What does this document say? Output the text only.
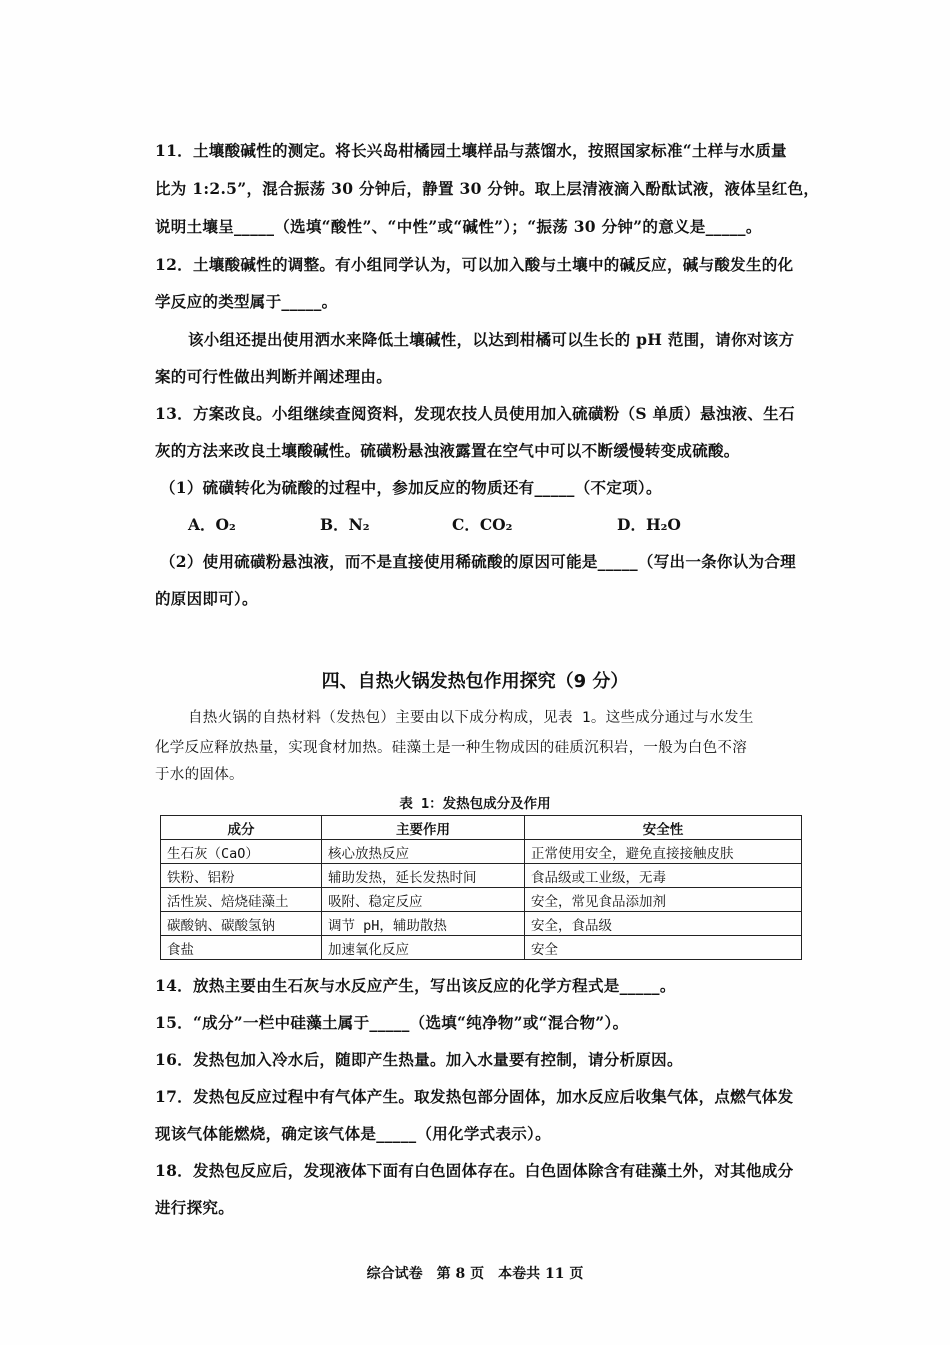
11．土壤酸碱性的测定。将长兴岛柑橘园土壤样品与蒸馏水，按照国家标准“土样与水质量
比为 1:2.5”，混合振荡 30 分钟后，静置 30 分钟。取上层清液滴入酚酞试液，液体呈红色，
说明土壤呈_____（选填“酸性”、“中性”或“碱性”）；“振荡 30 分钟”的意义是_____。
12．土壤酸碱性的调整。有小组同学认为，可以加入酸与土壤中的碱反应，碱与酸发生的化
学反应的类型属于_____。
该小组还提出使用洒水来降低土壤碱性，以达到柑橘可以生长的 pH 范围，请你对该方
案的可行性做出判断并阐述理由。
13．方案改良。小组继续查阅资料，发现农技人员使用加入硫磺粉（S 单质）悬浊液、生石
灰的方法来改良土壤酸碱性。硫磺粉悬浊液露置在空气中可以不断缓慢转变成硫酸。
（1）硫磺转化为硫酸的过程中，参加反应的物质还有_____（不定项）。
A．O₂	B．N₂	C．CO₂	D．H₂O
（2）使用硫磺粉悬浊液，而不是直接使用稀硫酸的原因可能是_____（写出一条你认为合理
的原因即可）。
四、自热火锅发热包作用探究（9 分）
自热火锅的自热材料（发热包）主要由以下成分构成，见表 1。这些成分通过与水发生
化学反应释放热量，实现食材加热。硅藻土是一种生物成因的硅质沉积岩，一般为白色不溶
于水的固体。
表 1：发热包成分及作用
成分	主要作用	安全性
生石灰（CaO）	核心放热反应	正常使用安全，避免直接接触皮肤
铁粉、铝粉	辅助发热，延长发热时间	食品级或工业级，无毒
活性炭、焙烧硅藻土	吸附、稳定反应	安全，常见食品添加剂
碳酸钠、碳酸氢钠	调节 pH，辅助散热	安全，食品级
食盐	加速氧化反应	安全
14．放热主要由生石灰与水反应产生，写出该反应的化学方程式是_____。
15．“成分”一栏中硅藻土属于_____（选填“纯净物”或“混合物”）。
16．发热包加入冷水后，随即产生热量。加入水量要有控制，请分析原因。
17．发热包反应过程中有气体产生。取发热包部分固体，加水反应后收集气体，点燃气体发
现该气体能燃烧，确定该气体是_____（用化学式表示）。
18．发热包反应后，发现液体下面有白色固体存在。白色固体除含有硅藻土外，对其他成分
进行探究。
综合试卷　第 8 页　本卷共 11 页
